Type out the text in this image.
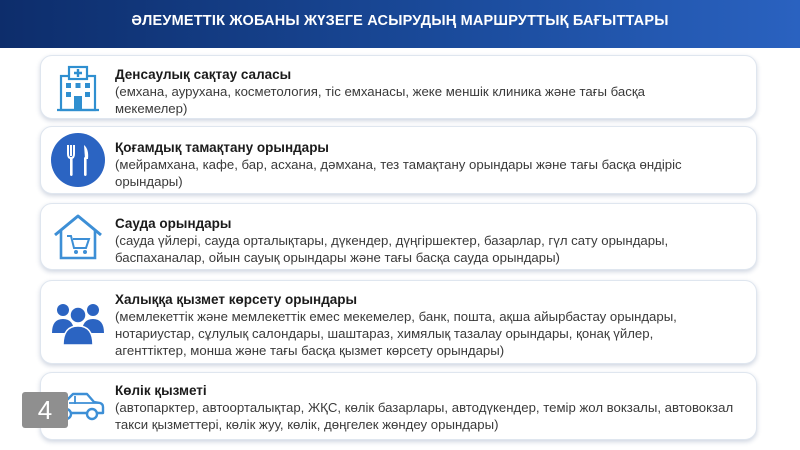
ӘЛЕУМЕТТІК ЖОБАНЫ ЖҮЗЕГЕ АСЫРУДЫҢ МАРШРУТТЫҚ БАҒЫТТАРЫ
Денсаулық сақтау саласы
(емхана, аурухана, косметология, тіс емханасы, жеке меншік клиника және тағы басқа
мекемелер)
Қоғамдық тамақтану орындары
(мейрамхана, кафе, бар, асхана, дәмхана, тез тамақтану орындары және тағы басқа өндіріс
орындары)
Сауда орындары
(сауда үйлері, сауда орталықтары, дүкендер, дүңгіршектер, базарлар, гүл сату орындары,
баспаханалар, ойын сауық орындары және тағы басқа сауда орындары)
Халыққа қызмет көрсету орындары
(мемлекеттік және мемлекеттік емес мекемелер, банк, пошта, ақша айырбастау орындары,
нотариустар, сұлулық салондары, шаштараз, химялық тазалау орындары, қонақ үйлер,
агенттіктер, монша және тағы басқа қызмет көрсету орындары)
Көлік қызметі
(автопарктер, автоорталықтар, ЖҚС, көлік базарлары, автодүкендер, темір жол вокзалы, автовокзал
такси қызметтері, көлік жуу, көлік, дөңгелек жөндеу орындары)
4
